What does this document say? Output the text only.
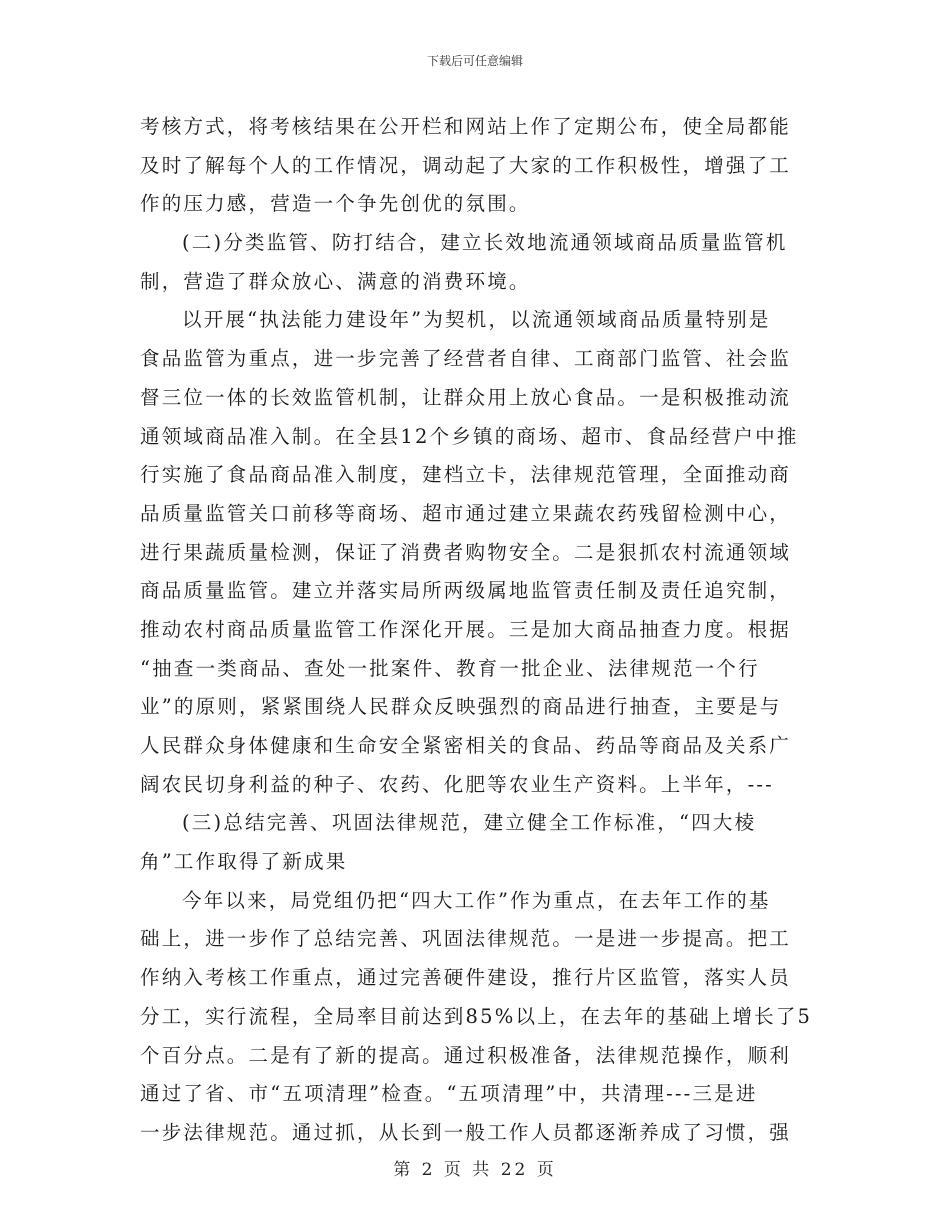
下载后可任意编辑
考核方式，将考核结果在公开栏和网站上作了定期公布，使全局都能
及时了解每个人的工作情况，调动起了大家的工作积极性，增强了工
作的压力感，营造一个争先创优的氛围。
(二)分类监管、防打结合，建立长效地流通领域商品质量监管机
制，营造了群众放心、满意的消费环境。
以开展“执法能力建设年”为契机，以流通领域商品质量特别是
食品监管为重点，进一步完善了经营者自律、工商部门监管、社会监
督三位一体的长效监管机制，让群众用上放心食品。一是积极推动流
通领域商品准入制。在全县12个乡镇的商场、超市、食品经营户中推
行实施了食品商品准入制度，建档立卡，法律规范管理，全面推动商
品质量监管关口前移等商场、超市通过建立果蔬农药残留检测中心，
进行果蔬质量检测，保证了消费者购物安全。二是狠抓农村流通领域
商品质量监管。建立并落实局所两级属地监管责任制及责任追究制，
推动农村商品质量监管工作深化开展。三是加大商品抽查力度。根据
“抽查一类商品、查处一批案件、教育一批企业、法律规范一个行
业”的原则，紧紧围绕人民群众反映强烈的商品进行抽查，主要是与
人民群众身体健康和生命安全紧密相关的食品、药品等商品及关系广
阔农民切身利益的种子、农药、化肥等农业生产资料。上半年，---
(三)总结完善、巩固法律规范，建立健全工作标准，“四大棱
角”工作取得了新成果
今年以来，局党组仍把“四大工作”作为重点，在去年工作的基
础上，进一步作了总结完善、巩固法律规范。一是进一步提高。把工
作纳入考核工作重点，通过完善硬件建设，推行片区监管，落实人员
分工，实行流程，全局率目前达到85%以上，在去年的基础上增长了5
个百分点。二是有了新的提高。通过积极准备，法律规范操作，顺利
通过了省、市“五项清理”检查。“五项清理”中，共清理---三是进
一步法律规范。通过抓，从长到一般工作人员都逐渐养成了习惯，强
第 2 页 共 22 页
